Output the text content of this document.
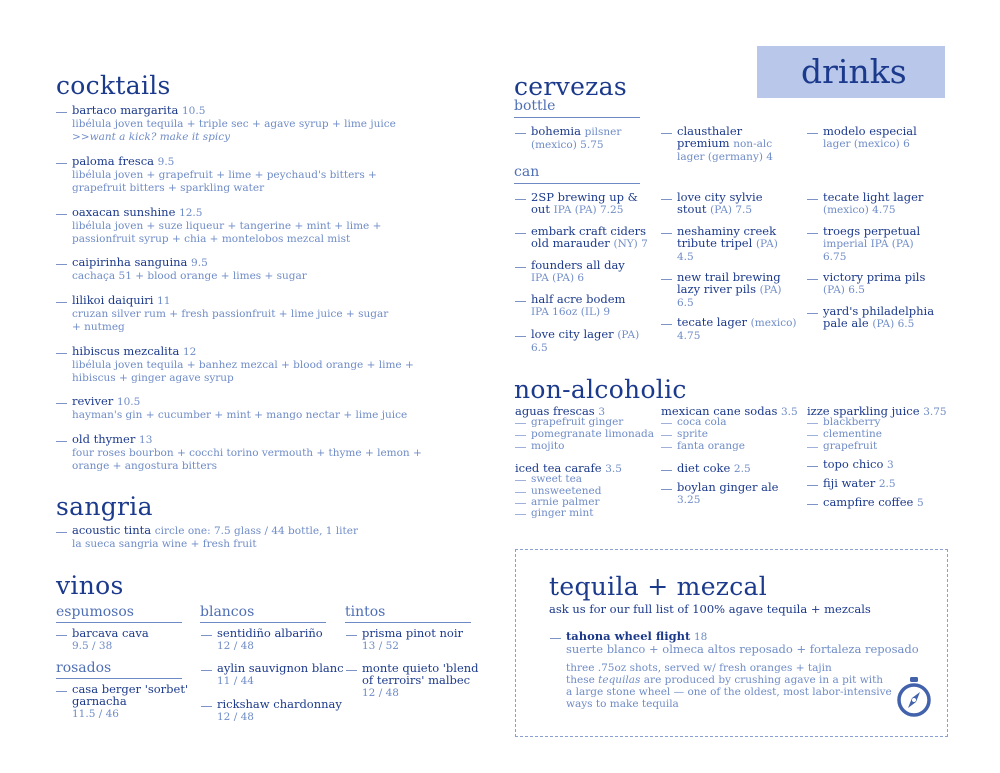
drinks
cocktails
bartaco margarita 10.5
libélula joven tequila + triple sec + agave syrup + lime juice
>>want a kick? make it spicy
paloma fresca 9.5
libélula joven + grapefruit + lime + peychaud's bitters +
grapefruit bitters + sparkling water
oaxacan sunshine 12.5
libélula joven + suze liqueur + tangerine + mint + lime +
passionfruit syrup + chia + montelobos mezcal mist
caipirinha sanguina 9.5
cachaça 51 + blood orange + limes + sugar
lilikoi daiquiri 11
cruzan silver rum + fresh passionfruit + lime juice + sugar
+ nutmeg
hibiscus mezcalita 12
libélula joven tequila + banhez mezcal + blood orange + lime +
hibiscus + ginger agave syrup
reviver 10.5
hayman's gin + cucumber + mint + mango nectar + lime juice
old thymer 13
four roses bourbon + cocchi torino vermouth + thyme + lemon +
orange + angostura bitters
sangria
acoustic tinta circle one: 7.5 glass / 44 bottle, 1 liter
la sueca sangria wine + fresh fruit
vinos
espumosos
barcava cava
9.5 / 38
rosados
casa berger 'sorbet'
garnacha
11.5 / 46
blancos
sentidiño albariño
12 / 48
aylin sauvignon blanc
11 / 44
rickshaw chardonnay
12 / 48
tintos
prisma pinot noir
13 / 52
monte quieto 'blend
of terroirs' malbec
12 / 48
cervezas
bottle
bohemia pilsner
(mexico) 5.75
clausthaler
premium non-alc
lager (germany) 4
modelo especial
lager (mexico) 6
can
2SP brewing up &
out IPA (PA) 7.25
embark craft ciders
old marauder (NY) 7
founders all day
IPA (PA) 6
half acre bodem
IPA 16oz (IL) 9
love city lager (PA)
6.5
love city sylvie
stout (PA) 7.5
neshaminy creek
tribute tripel (PA)
4.5
new trail brewing
lazy river pils (PA)
6.5
tecate lager (mexico)
4.75
tecate light lager
(mexico) 4.75
troegs perpetual
imperial IPA (PA)
6.75
victory prima pils
(PA) 6.5
yard's philadelphia
pale ale (PA) 6.5
non-alcoholic
aguas frescas 3
grapefruit ginger
pomegranate limonada
mojito
iced tea carafe 3.5
sweet tea
unsweetened
arnie palmer
ginger mint
mexican cane sodas 3.5
coca cola
sprite
fanta orange
diet coke 2.5
boylan ginger ale
3.25
izze sparkling juice 3.75
blackberry
clementine
grapefruit
topo chico 3
fiji water 2.5
campfire coffee 5
tequila + mezcal
ask us for our full list of 100% agave tequila + mezcals
tahona wheel flight 18
suerte blanco + olmeca altos reposado + fortaleza reposado
three .75oz shots, served w/ fresh oranges + tajin
these tequilas are produced by crushing agave in a pit with
a large stone wheel — one of the oldest, most labor-intensive
ways to make tequila
